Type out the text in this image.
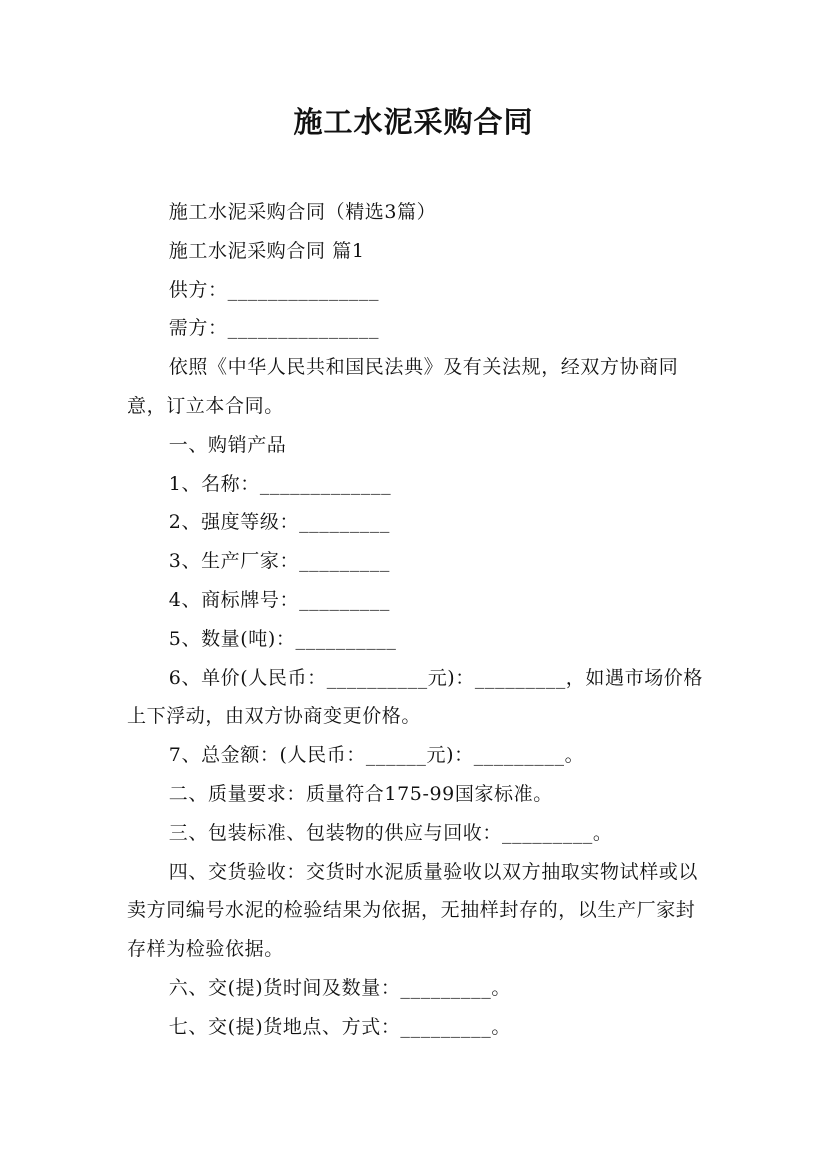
施工水泥采购合同

施工水泥采购合同（精选3篇）

施工水泥采购合同 篇1

供方：_______________

需方：_______________

依照《中华人民共和国民法典》及有关法规，经双方协商同意，订立本合同。

一、购销产品

1、名称：_____________

2、强度等级：_________

3、生产厂家：_________

4、商标牌号：_________

5、数量(吨)：__________

6、单价(人民币：__________元)：_________，如遇市场价格上下浮动，由双方协商变更价格。

7、总金额：(人民币：______元)：_________。

二、质量要求：质量符合175-99国家标准。

三、包装标准、包装物的供应与回收：_________。

四、交货验收：交货时水泥质量验收以双方抽取实物试样或以卖方同编号水泥的检验结果为依据，无抽样封存的，以生产厂家封存样为检验依据。

六、交(提)货时间及数量：_________。

七、交(提)货地点、方式：_________。
